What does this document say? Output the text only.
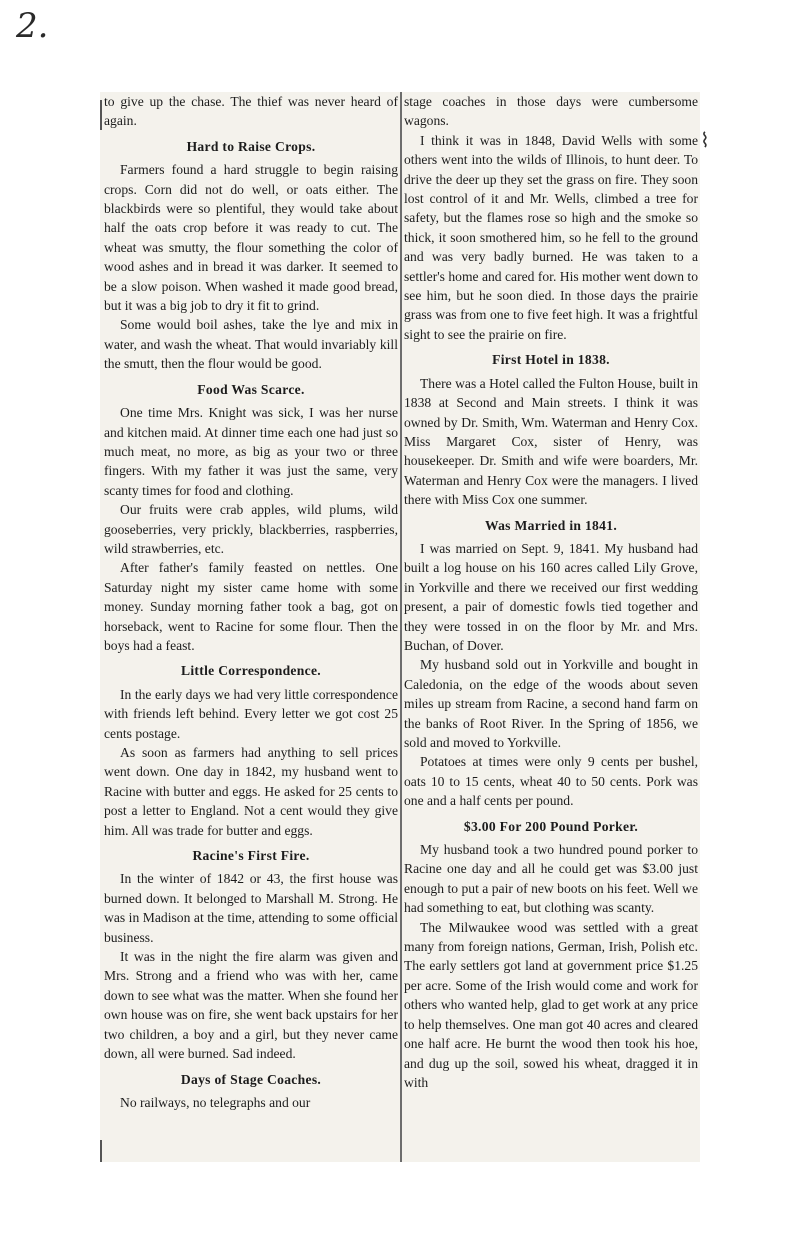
2.

to give up the chase. The thief was never heard of again.

Hard to Raise Crops.

Farmers found a hard struggle to begin raising crops. Corn did not do well, or oats either. The blackbirds were so plentiful, they would take about half the oats crop before it was ready to cut. The wheat was smutty, the flour something the color of wood ashes and in bread it was darker. It seemed to be a slow poison. When washed it made good bread, but it was a big job to dry it fit to grind.

Some would boil ashes, take the lye and mix in water, and wash the wheat. That would invariably kill the smutt, then the flour would be good.

Food Was Scarce.

One time Mrs. Knight was sick, I was her nurse and kitchen maid. At dinner time each one had just so much meat, no more, as big as your two or three fingers. With my father it was just the same, very scanty times for food and clothing.

Our fruits were crab apples, wild plums, wild gooseberries, very prickly, blackberries, raspberries, wild strawberries, etc.

After father's family feasted on nettles. One Saturday night my sister came home with some money. Sunday morning father took a bag, got on horseback, went to Racine for some flour. Then the boys had a feast.

Little Correspondence.

In the early days we had very little correspondence with friends left behind. Every letter we got cost 25 cents postage.

As soon as farmers had anything to sell prices went down. One day in 1842, my husband went to Racine with butter and eggs. He asked for 25 cents to post a letter to England. Not a cent would they give him. All was trade for butter and eggs.

Racine's First Fire.

In the winter of 1842 or 43, the first house was burned down. It belonged to Marshall M. Strong. He was in Madison at the time, attending to some official business.

It was in the night the fire alarm was given and Mrs. Strong and a friend who was with her, came down to see what was the matter. When she found her own house was on fire, she went back upstairs for her two children, a boy and a girl, but they never came down, all were burned. Sad indeed.

Days of Stage Coaches.

No railways, no telegraphs and our

stage coaches in those days were cumbersome wagons.

I think it was in 1848, David Wells with some others went into the wilds of Illinois, to hunt deer. To drive the deer up they set the grass on fire. They soon lost control of it and Mr. Wells, climbed a tree for safety, but the flames rose so high and the smoke so thick, it soon smothered him, so he fell to the ground and was very badly burned. He was taken to a settler's home and cared for. His mother went down to see him, but he soon died. In those days the prairie grass was from one to five feet high. It was a frightful sight to see the prairie on fire.

First Hotel in 1838.

There was a Hotel called the Fulton House, built in 1838 at Second and Main streets. I think it was owned by Dr. Smith, Wm. Waterman and Henry Cox. Miss Margaret Cox, sister of Henry, was housekeeper. Dr. Smith and wife were boarders, Mr. Waterman and Henry Cox were the managers. I lived there with Miss Cox one summer.

Was Married in 1841.

I was married on Sept. 9, 1841. My husband had built a log house on his 160 acres called Lily Grove, in Yorkville and there we received our first wedding present, a pair of domestic fowls tied together and they were tossed in on the floor by Mr. and Mrs. Buchan, of Dover.

My husband sold out in Yorkville and bought in Caledonia, on the edge of the woods about seven miles up stream from Racine, a second hand farm on the banks of Root River. In the Spring of 1856, we sold and moved to Yorkville.

Potatoes at times were only 9 cents per bushel, oats 10 to 15 cents, wheat 40 to 50 cents. Pork was one and a half cents per pound.

$3.00 For 200 Pound Porker.

My husband took a two hundred pound porker to Racine one day and all he could get was $3.00 just enough to put a pair of new boots on his feet. Well we had something to eat, but clothing was scanty.

The Milwaukee wood was settled with a great many from foreign nations, German, Irish, Polish etc. The early settlers got land at government price $1.25 per acre. Some of the Irish would come and work for others who wanted help, glad to get work at any price to help themselves. One man got 40 acres and cleared one half acre. He burnt the wood then took his hoe, and dug up the soil, sowed his wheat, dragged it in with

⌇
